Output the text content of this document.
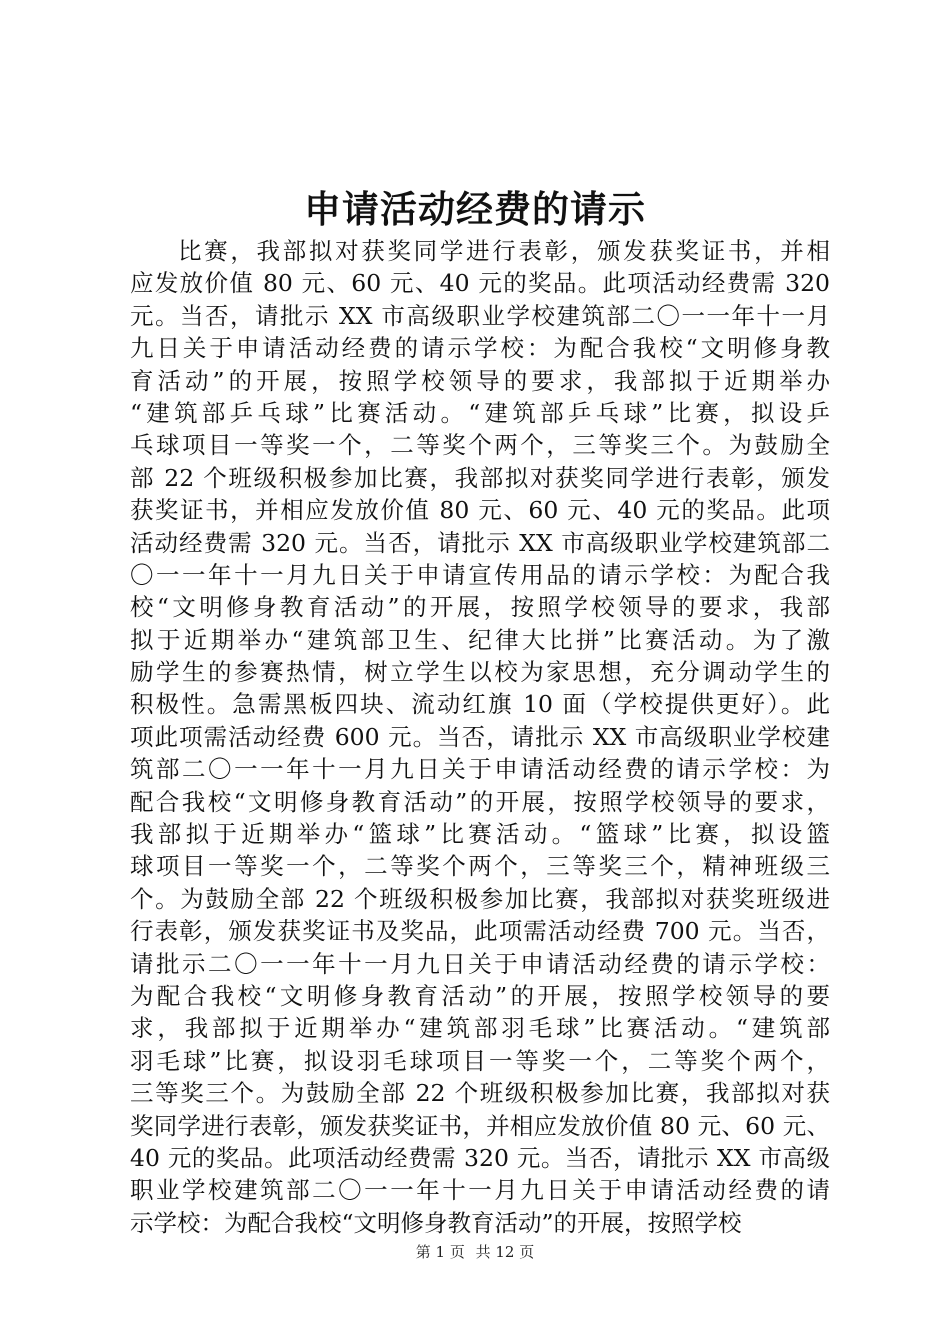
申请活动经费的请示
比赛，我部拟对获奖同学进行表彰，颁发获奖证书，并相
应发放价值 80 元、60 元、40 元的奖品。此项活动经费需 320
元。当否，请批示 XX 市高级职业学校建筑部二〇一一年十一月
九日关于申请活动经费的请示学校：为配合我校“文明修身教
育活动”的开展，按照学校领导的要求，我部拟于近期举办
“建筑部乒乓球”比赛活动。“建筑部乒乓球”比赛，拟设乒
乓球项目一等奖一个，二等奖个两个，三等奖三个。为鼓励全
部 22 个班级积极参加比赛，我部拟对获奖同学进行表彰，颁发
获奖证书，并相应发放价值 80 元、60 元、40 元的奖品。此项
活动经费需 320 元。当否，请批示 XX 市高级职业学校建筑部二
〇一一年十一月九日关于申请宣传用品的请示学校：为配合我
校“文明修身教育活动”的开展，按照学校领导的要求，我部
拟于近期举办“建筑部卫生、纪律大比拼”比赛活动。为了激
励学生的参赛热情，树立学生以校为家思想，充分调动学生的
积极性。急需黑板四块、流动红旗 10 面（学校提供更好）。此
项此项需活动经费 600 元。当否，请批示 XX 市高级职业学校建
筑部二〇一一年十一月九日关于申请活动经费的请示学校：为
配合我校“文明修身教育活动”的开展，按照学校领导的要求，
我部拟于近期举办“篮球”比赛活动。“篮球”比赛，拟设篮
球项目一等奖一个，二等奖个两个，三等奖三个，精神班级三
个。为鼓励全部 22 个班级积极参加比赛，我部拟对获奖班级进
行表彰，颁发获奖证书及奖品，此项需活动经费 700 元。当否，
请批示二〇一一年十一月九日关于申请活动经费的请示学校：
为配合我校“文明修身教育活动”的开展，按照学校领导的要
求，我部拟于近期举办“建筑部羽毛球”比赛活动。“建筑部
羽毛球”比赛，拟设羽毛球项目一等奖一个，二等奖个两个，
三等奖三个。为鼓励全部 22 个班级积极参加比赛，我部拟对获
奖同学进行表彰，颁发获奖证书，并相应发放价值 80 元、60 元、
40 元的奖品。此项活动经费需 320 元。当否，请批示 XX 市高级
职业学校建筑部二〇一一年十一月九日关于申请活动经费的请
示学校：为配合我校“文明修身教育活动”的开展，按照学校
第 1 页 共 12 页
